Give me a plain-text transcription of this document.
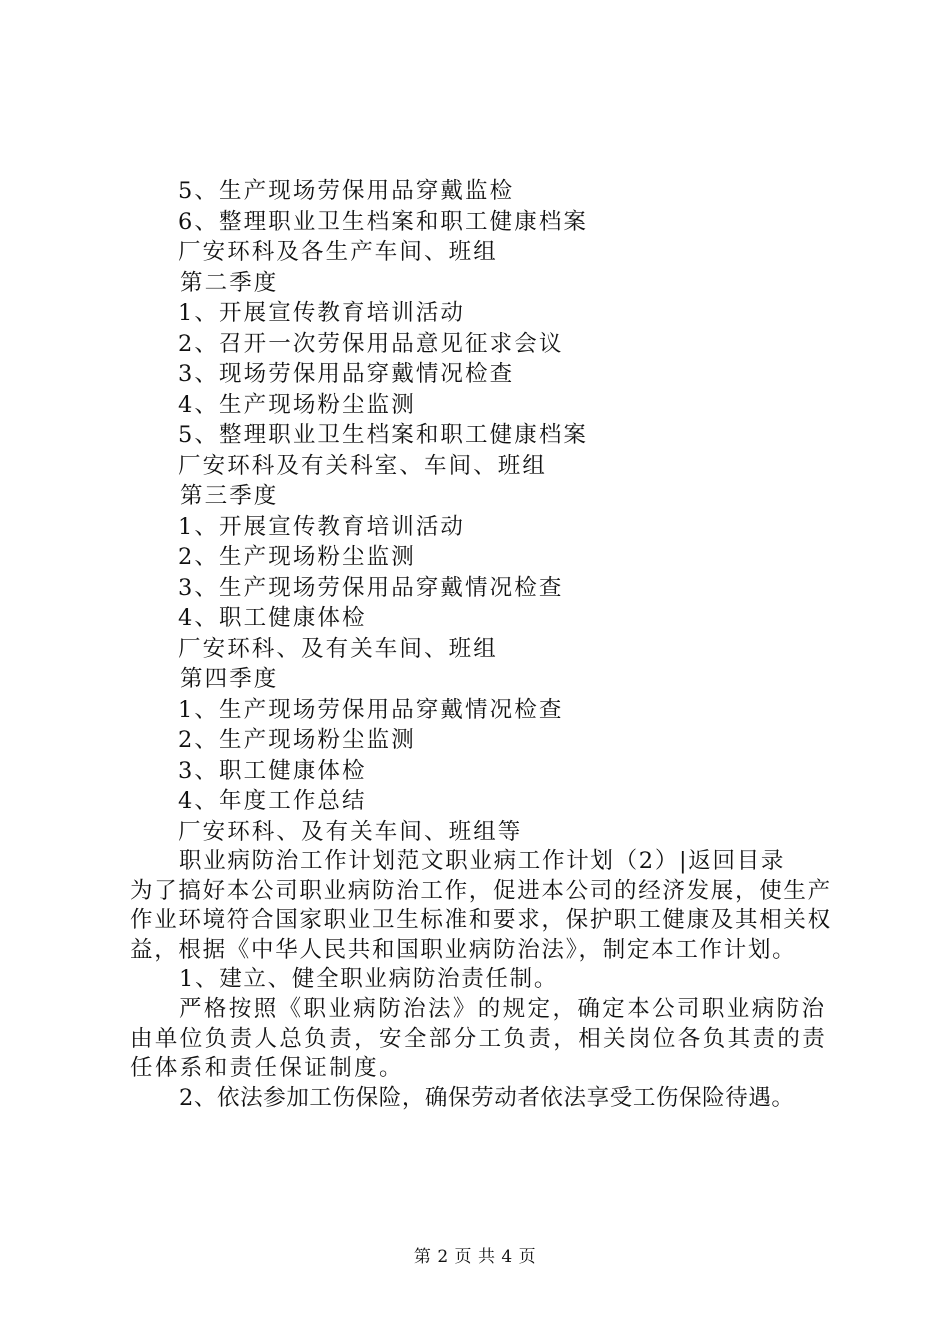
5、生产现场劳保用品穿戴监检
6、整理职业卫生档案和职工健康档案
厂安环科及各生产车间、班组
第二季度
1、开展宣传教育培训活动
2、召开一次劳保用品意见征求会议
3、现场劳保用品穿戴情况检查
4、生产现场粉尘监测
5、整理职业卫生档案和职工健康档案
厂安环科及有关科室、车间、班组
第三季度
1、开展宣传教育培训活动
2、生产现场粉尘监测
3、生产现场劳保用品穿戴情况检查
4、职工健康体检
厂安环科、及有关车间、班组
第四季度
1、生产现场劳保用品穿戴情况检查
2、生产现场粉尘监测
3、职工健康体检
4、年度工作总结
厂安环科、及有关车间、班组等

职业病防治工作计划范文职业病工作计划（2）|返回目录

为了搞好本公司职业病防治工作，促进本公司的经济发展，使生产作业环境符合国家职业卫生标准和要求，保护职工健康及其相关权益，根据《中华人民共和国职业病防治法》，制定本工作计划。

1、建立、健全职业病防治责任制。

严格按照《职业病防治法》的规定，确定本公司职业病防治由单位负责人总负责，安全部分工负责，相关岗位各负其责的责任体系和责任保证制度。

2、依法参加工伤保险，确保劳动者依法享受工伤保险待遇。

第 2 页 共 4 页
